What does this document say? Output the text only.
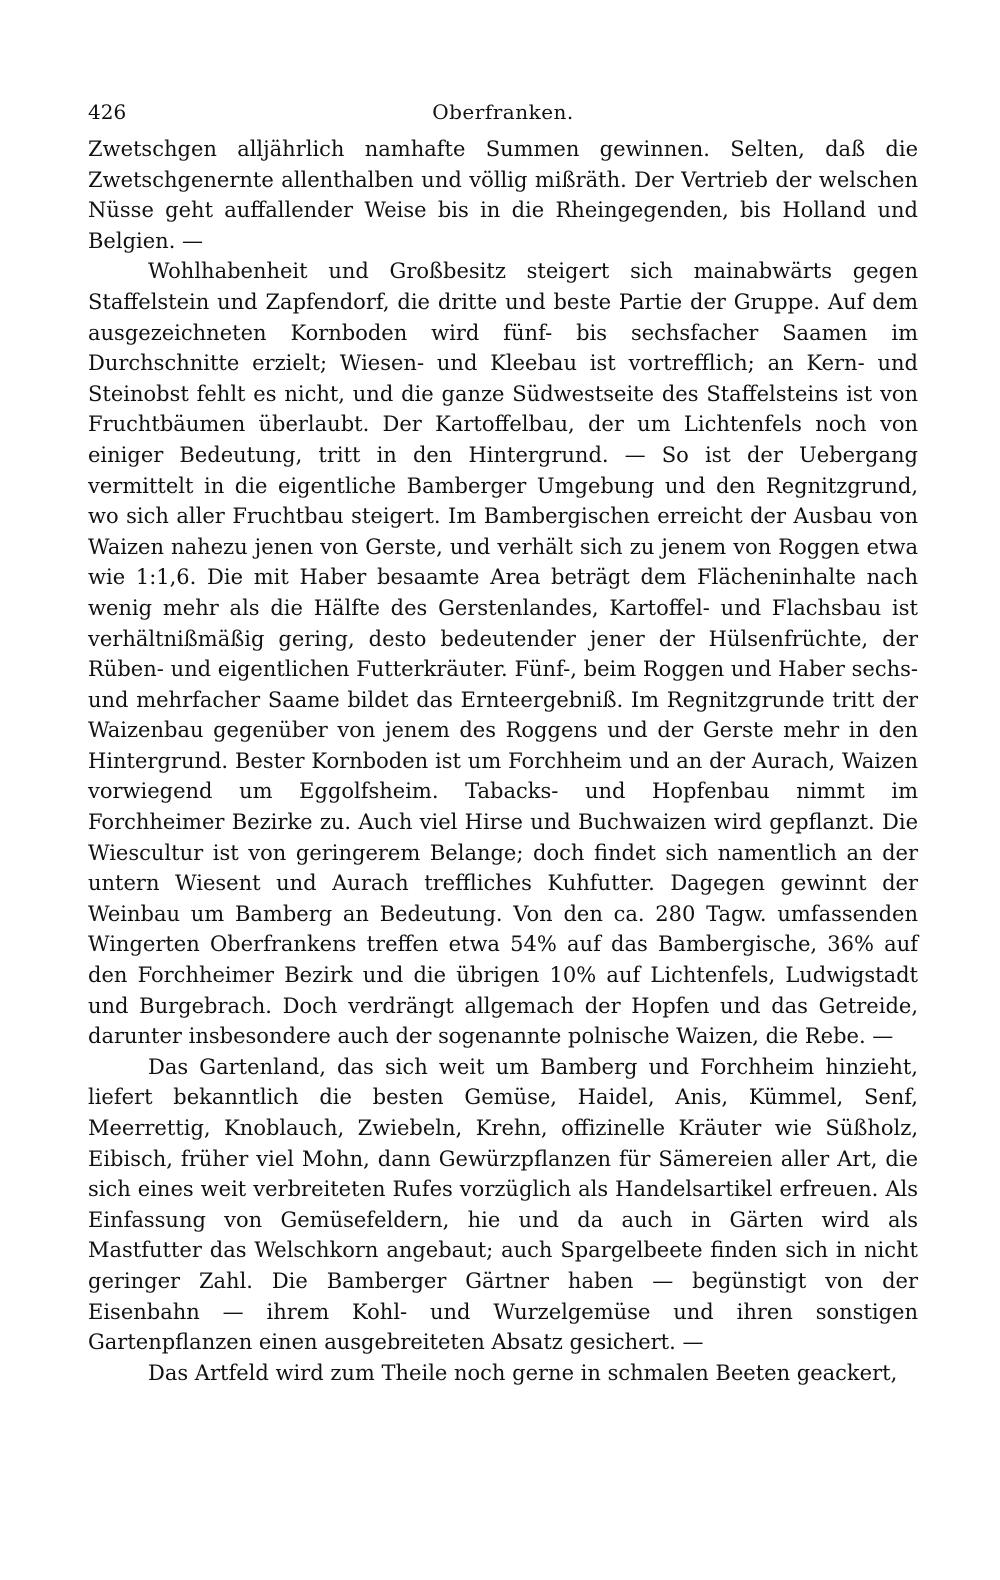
426	Oberfranken.

Zwetschgen alljährlich namhafte Summen gewinnen. Selten, daß die Zwetschgenernte allenthalben und völlig mißräth. Der Vertrieb der welschen Nüsse geht auffallender Weise bis in die Rheingegenden, bis Holland und Belgien. —

Wohlhabenheit und Großbesitz steigert sich mainabwärts gegen Staffelstein und Zapfendorf, die dritte und beste Partie der Gruppe. Auf dem ausgezeichneten Kornboden wird fünf- bis sechsfacher Saamen im Durchschnitte erzielt; Wiesen- und Kleebau ist vortrefflich; an Kern- und Steinobst fehlt es nicht, und die ganze Südwestseite des Staffelsteins ist von Fruchtbäumen überlaubt. Der Kartoffelbau, der um Lichtenfels noch von einiger Bedeutung, tritt in den Hintergrund. — So ist der Uebergang vermittelt in die eigentliche Bamberger Umgebung und den Regnitzgrund, wo sich aller Fruchtbau steigert. Im Bambergischen erreicht der Ausbau von Waizen nahezu jenen von Gerste, und verhält sich zu jenem von Roggen etwa wie 1:1,6. Die mit Haber besaamte Area beträgt dem Flächeninhalte nach wenig mehr als die Hälfte des Gerstenlandes, Kartoffel- und Flachsbau ist verhältnißmäßig gering, desto bedeutender jener der Hülsenfrüchte, der Rüben- und eigentlichen Futterkräuter. Fünf-, beim Roggen und Haber sechs- und mehrfacher Saame bildet das Ernteergebniß. Im Regnitzgrunde tritt der Waizenbau gegenüber von jenem des Roggens und der Gerste mehr in den Hintergrund. Bester Kornboden ist um Forchheim und an der Aurach, Waizen vorwiegend um Eggolfsheim. Tabacks- und Hopfenbau nimmt im Forchheimer Bezirke zu. Auch viel Hirse und Buchwaizen wird gepflanzt. Die Wiescultur ist von geringerem Belange; doch findet sich namentlich an der untern Wiesent und Aurach treffliches Kuhfutter. Dagegen gewinnt der Weinbau um Bamberg an Bedeutung. Von den ca. 280 Tagw. umfassenden Wingerten Oberfrankens treffen etwa 54% auf das Bambergische, 36% auf den Forchheimer Bezirk und die übrigen 10% auf Lichtenfels, Ludwigstadt und Burgebrach. Doch verdrängt allgemach der Hopfen und das Getreide, darunter insbesondere auch der sogenannte polnische Waizen, die Rebe. —

Das Gartenland, das sich weit um Bamberg und Forchheim hinzieht, liefert bekanntlich die besten Gemüse, Haidel, Anis, Kümmel, Senf, Meerrettig, Knoblauch, Zwiebeln, Krehn, offizinelle Kräuter wie Süßholz, Eibisch, früher viel Mohn, dann Gewürzpflanzen für Sämereien aller Art, die sich eines weit verbreiteten Rufes vorzüglich als Handelsartikel erfreuen. Als Einfassung von Gemüsefeldern, hie und da auch in Gärten wird als Mastfutter das Welschkorn angebaut; auch Spargelbeete finden sich in nicht geringer Zahl. Die Bamberger Gärtner haben — begünstigt von der Eisenbahn — ihrem Kohl- und Wurzelgemüse und ihren sonstigen Gartenpflanzen einen ausgebreiteten Absatz gesichert. —

Das Artfeld wird zum Theile noch gerne in schmalen Beeten geackert,
